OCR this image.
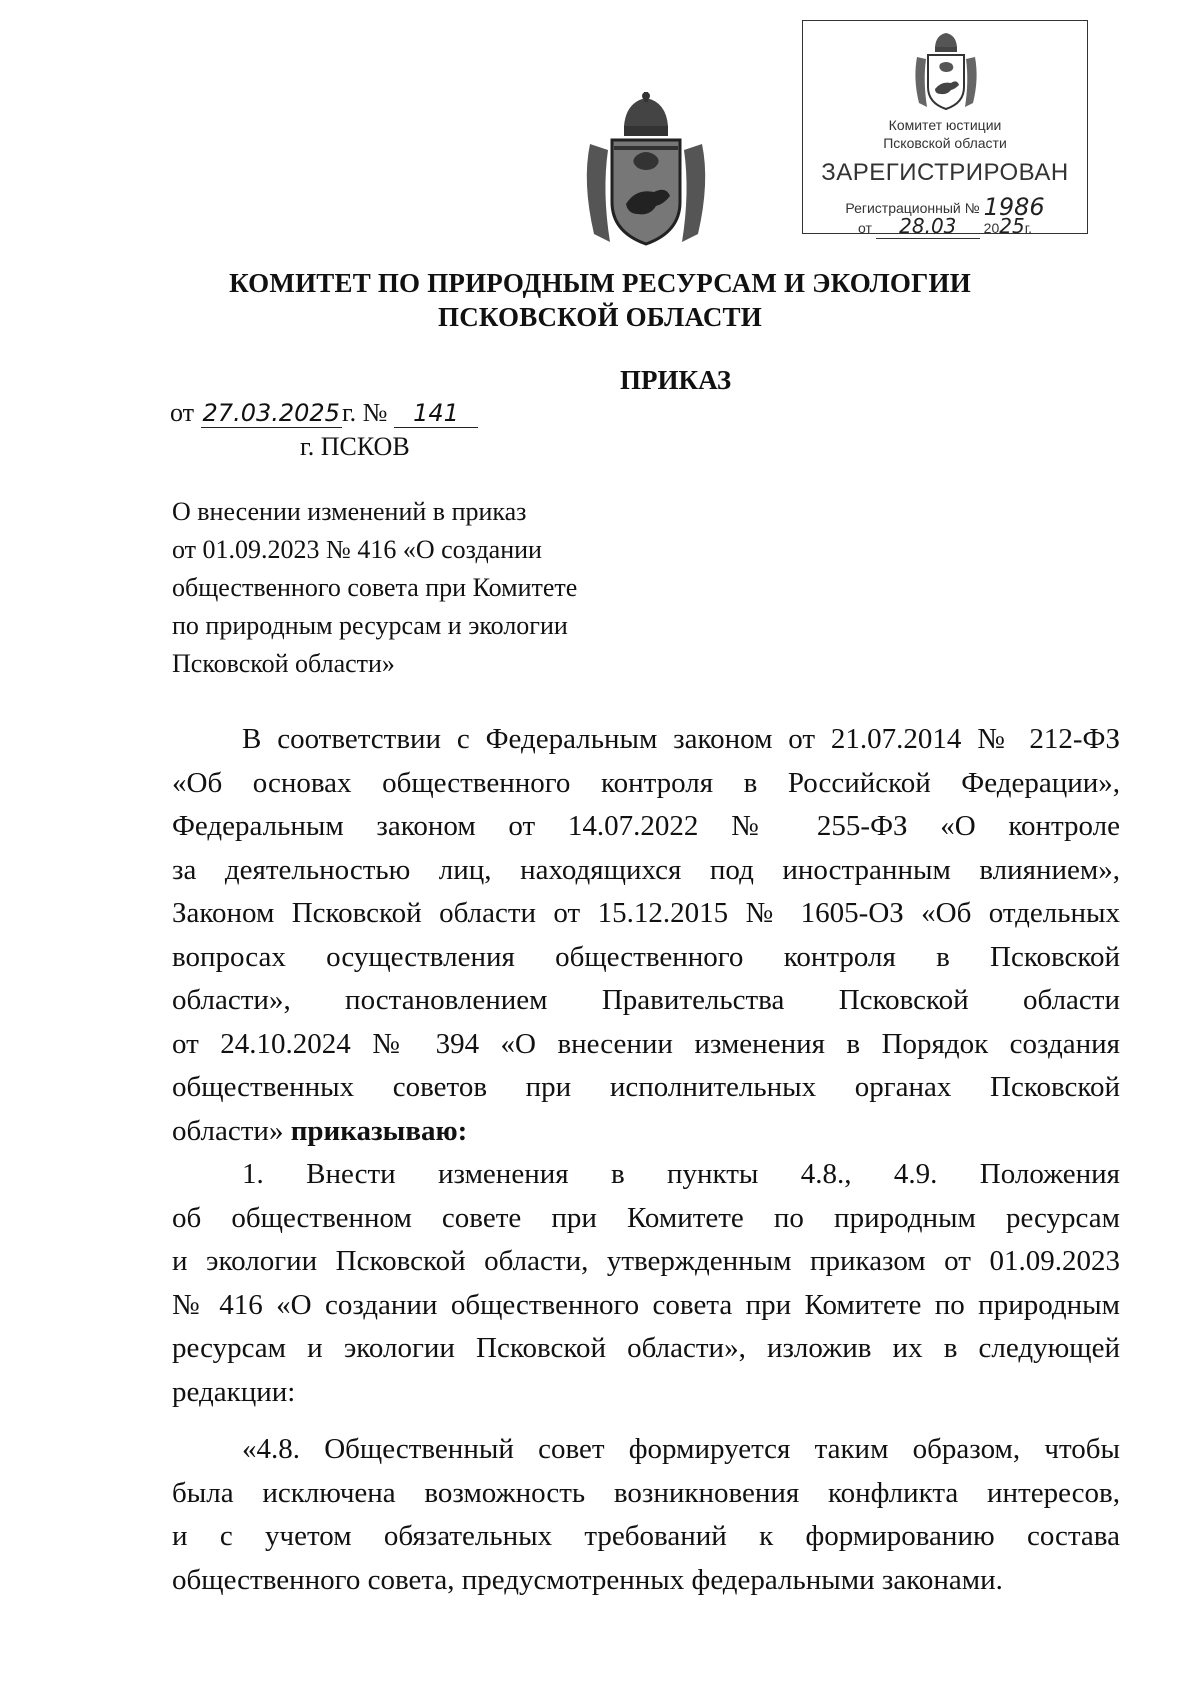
Комитет юстиции
Псковской области
ЗАРЕГИСТРИРОВАН
Регистрационный № 1986
от 28.03 2025г.
КОМИТЕТ ПО ПРИРОДНЫМ РЕСУРСАМ И ЭКОЛОГИИ
ПСКОВСКОЙ ОБЛАСТИ
ПРИКАЗ
от 27.03.2025г. № 141
г. ПСКОВ
О внесении изменений в приказ
от 01.09.2023 № 416 «О создании
общественного совета при Комитете
по природным ресурсам и экологии
Псковской области»

В соответствии с Федеральным законом от 21.07.2014 № 212-ФЗ

«Об основах общественного контроля в Российской Федерации»,

Федеральным законом от 14.07.2022 № 255-ФЗ «О контроле

за деятельностью лиц, находящихся под иностранным влиянием»,

Законом Псковской области от 15.12.2015 № 1605-ОЗ «Об отдельных

вопросах осуществления общественного контроля в Псковской

области», постановлением Правительства Псковской области

от 24.10.2024 № 394 «О внесении изменения в Порядок создания

общественных советов при исполнительных органах Псковской

области» приказываю:

1. Внести изменения в пункты 4.8., 4.9. Положения

об общественном совете при Комитете по природным ресурсам

и экологии Псковской области, утвержденным приказом от 01.09.2023

№ 416 «О создании общественного совета при Комитете по природным

ресурсам и экологии Псковской области», изложив их в следующей

редакции:

«4.8. Общественный совет формируется таким образом, чтобы

была исключена возможность возникновения конфликта интересов,

и с учетом обязательных требований к формированию состава

общественного совета, предусмотренных федеральными законами.
